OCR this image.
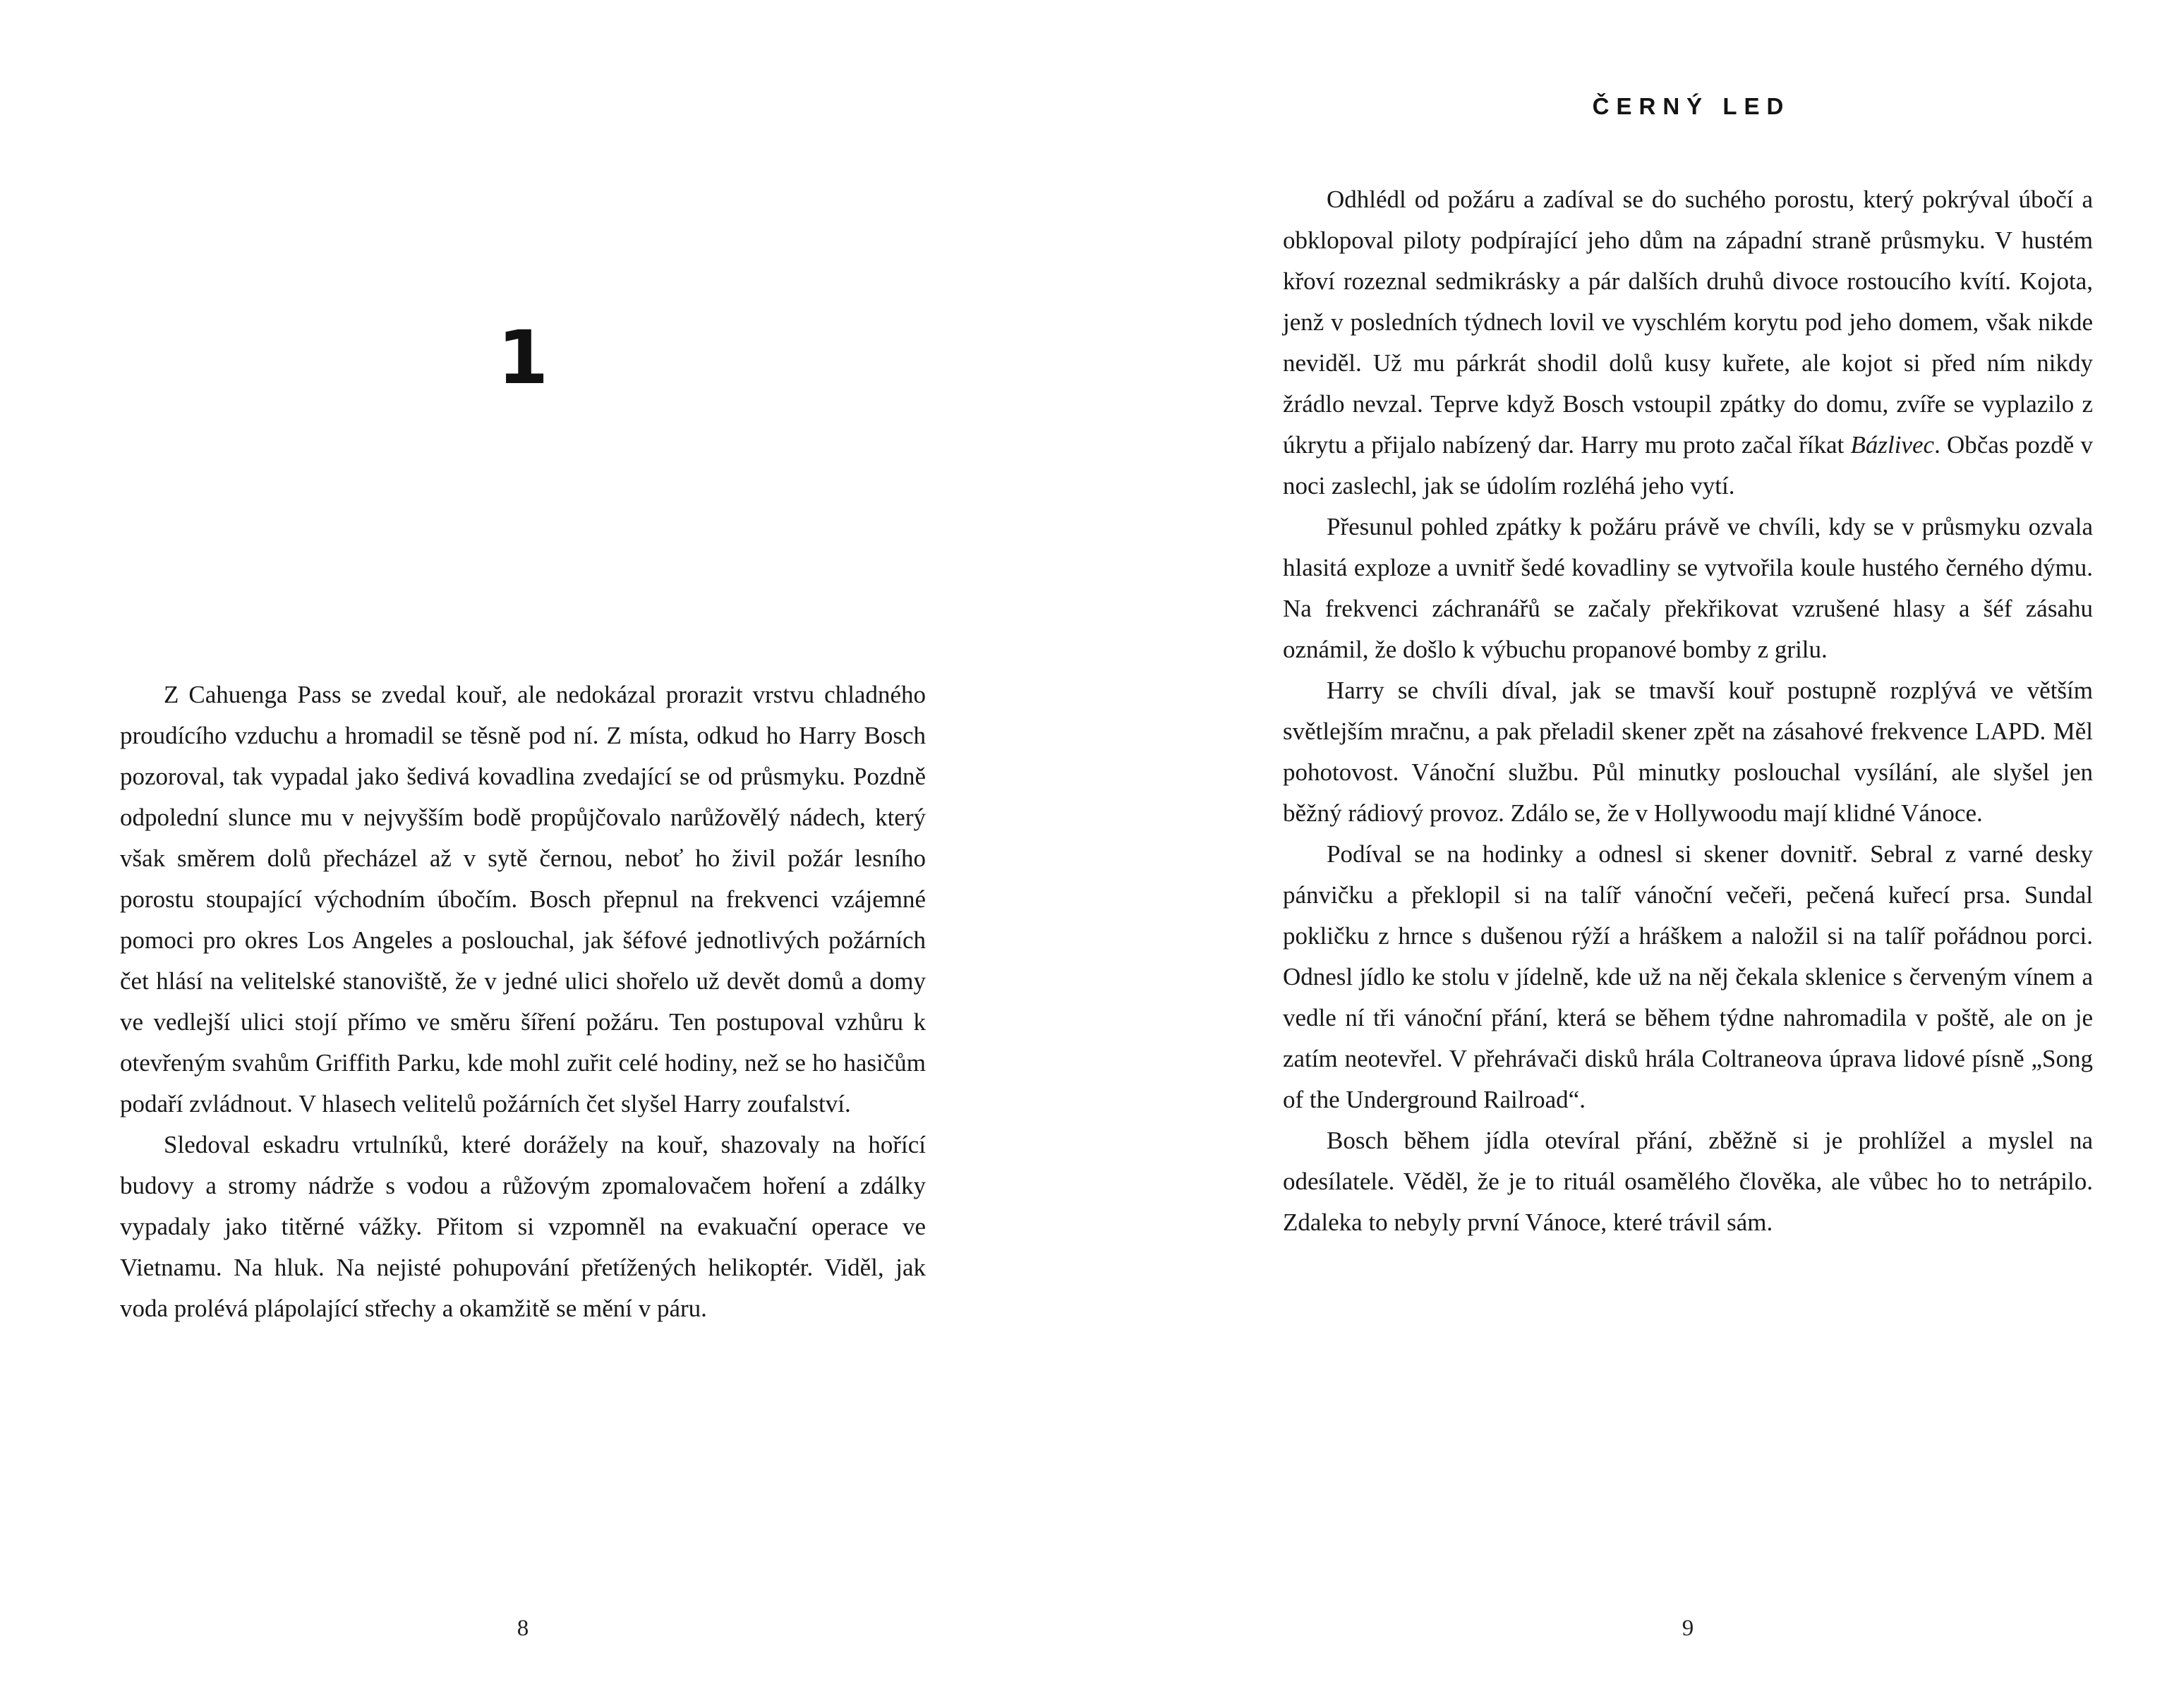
1

Z Cahuenga Pass se zvedal kouř, ale nedokázal prorazit vrstvu chladného proudícího vzduchu a hromadil se těsně pod ní. Z místa, odkud ho Harry Bosch pozoroval, tak vypadal jako šedivá kovadlina zvedající se od průsmyku. Pozdně odpolední slunce mu v nejvyšším bodě propůjčovalo narůžovělý nádech, který však směrem dolů přecházel až v sytě černou, neboť ho živil požár lesního porostu stoupající východním úbočím. Bosch přepnul na frekvenci vzájemné pomoci pro okres Los Angeles a poslouchal, jak šéfové jednotlivých požárních čet hlásí na velitelské stanoviště, že v jedné ulici shořelo už devět domů a domy ve vedlejší ulici stojí přímo ve směru šíření požáru. Ten postupoval vzhůru k otevřeným svahům Griffith Parku, kde mohl zuřit celé hodiny, než se ho hasičům podaří zvládnout. V hlasech velitelů požárních čet slyšel Harry zoufalství.

Sledoval eskadru vrtulníků, které dorážely na kouř, shazovaly na hořící budovy a stromy nádrže s vodou a růžovým zpomalovačem hoření a zdálky vypadaly jako titěrné vážky. Přitom si vzpomněl na evakuační operace ve Vietnamu. Na hluk. Na nejisté pohupování přetížených helikoptér. Viděl, jak voda prolévá plápolající střechy a okamžitě se mění v páru.

8
ČERNÝ LED

Odhlédl od požáru a zadíval se do suchého porostu, který pokrýval úbočí a obklopoval piloty podpírající jeho dům na západní straně průsmyku. V hustém křoví rozeznal sedmikrásky a pár dalších druhů divoce rostoucího kvítí. Kojota, jenž v posledních týdnech lovil ve vyschlém korytu pod jeho domem, však nikde neviděl. Už mu párkrát shodil dolů kusy kuřete, ale kojot si před ním nikdy žrádlo nevzal. Teprve když Bosch vstoupil zpátky do domu, zvíře se vyplazilo z úkrytu a přijalo nabízený dar. Harry mu proto začal říkat Bázlivec. Občas pozdě v noci zaslechl, jak se údolím rozléhá jeho vytí.

Přesunul pohled zpátky k požáru právě ve chvíli, kdy se v průsmyku ozvala hlasitá exploze a uvnitř šedé kovadliny se vytvořila koule hustého černého dýmu. Na frekvenci záchranářů se začaly překřikovat vzrušené hlasy a šéf zásahu oznámil, že došlo k výbuchu propanové bomby z grilu.

Harry se chvíli díval, jak se tmavší kouř postupně rozplývá ve větším světlejším mračnu, a pak přeladil skener zpět na zásahové frekvence LAPD. Měl pohotovost. Vánoční službu. Půl minutky poslouchal vysílání, ale slyšel jen běžný rádiový provoz. Zdálo se, že v Hollywoodu mají klidné Vánoce.

Podíval se na hodinky a odnesl si skener dovnitř. Sebral z varné desky pánvičku a překlopil si na talíř vánoční večeři, pečená kuřecí prsa. Sundal pokličku z hrnce s dušenou rýží a hráškem a naložil si na talíř pořádnou porci. Odnesl jídlo ke stolu v jídelně, kde už na něj čekala sklenice s červeným vínem a vedle ní tři vánoční přání, která se během týdne nahromadila v poště, ale on je zatím neotevřel. V přehrávači disků hrála Coltraneova úprava lidové písně „Song of the Underground Railroad“.

Bosch během jídla otevíral přání, zběžně si je prohlížel a myslel na odesílatele. Věděl, že je to rituál osamělého člověka, ale vůbec ho to netrápilo. Zdaleka to nebyly první Vánoce, které trávil sám.

9
